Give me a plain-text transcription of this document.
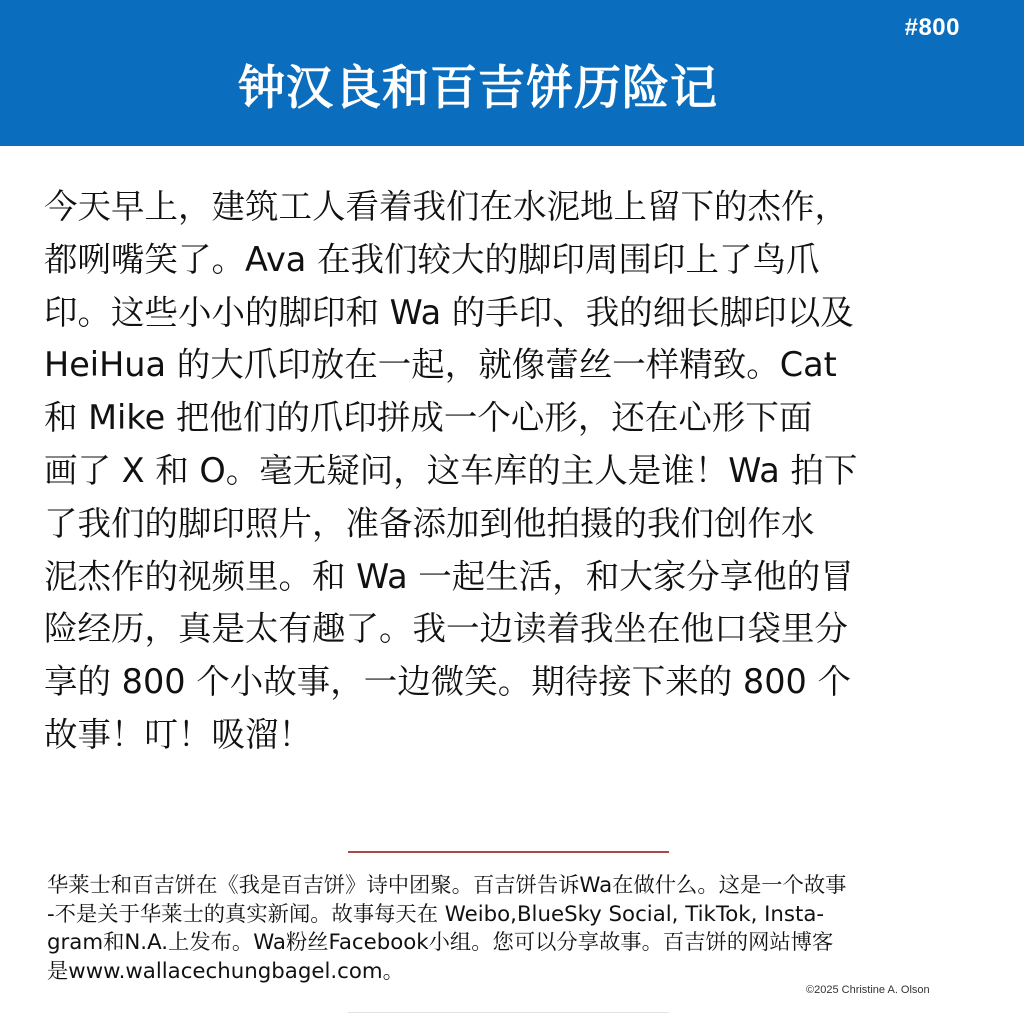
#800
钟汉良和百吉饼历险记
今天早上，建筑工人看着我们在水泥地上留下的杰作，
都咧嘴笑了。Ava 在我们较大的脚印周围印上了鸟爪
印。这些小小的脚印和 Wa 的手印、我的细长脚印以及
HeiHua 的大爪印放在一起，就像蕾丝一样精致。Cat
和 Mike 把他们的爪印拼成一个心形，还在心形下面
画了 X 和 O。毫无疑问，这车库的主人是谁！Wa 拍下
了我们的脚印照片，准备添加到他拍摄的我们创作水
泥杰作的视频里。和 Wa 一起生活，和大家分享他的冒
险经历，真是太有趣了。我一边读着我坐在他口袋里分
享的 800 个小故事，一边微笑。期待接下来的 800 个
故事！叮！吸溜！
华莱士和百吉饼在《我是百吉饼》诗中团聚。百吉饼告诉Wa在做什么。这是一个故事
-不是关于华莱士的真实新闻。故事每天在 Weibo,BlueSky Social, TikTok, Insta-
gram和N.A.上发布。Wa粉丝Facebook小组。您可以分享故事。百吉饼的网站博客
是www.wallacechungbagel.com。
©2025 Christine A. Olson
